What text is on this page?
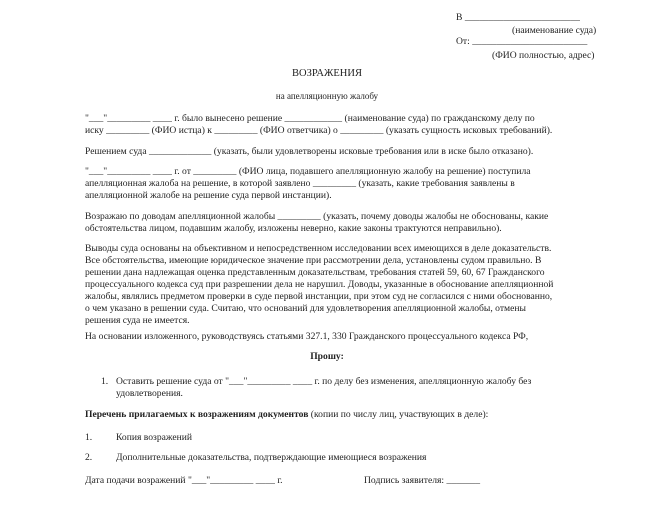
В ________________________
(наименование суда)
От: ________________________
(ФИО полностью, адрес)
ВОЗРАЖЕНИЯ
на апелляционную жалобу
"___"_________ ____ г. было вынесено решение ____________ (наименование суда) по гражданскому делу по
иску _________ (ФИО истца) к _________ (ФИО ответчика) о _________ (указать сущность исковых требований).
Решением суда _____________ (указать, были удовлетворены исковые требования или в иске было отказано).
"___"_________ ____ г. от _________ (ФИО лица, подавшего апелляционную жалобу на решение) поступила
апелляционная жалоба на решение, в которой заявлено _________ (указать, какие требования заявлены в
апелляционной жалобе на решение суда первой инстанции).
Возражаю по доводам апелляционной жалобы _________ (указать, почему доводы жалобы не обоснованы, какие
обстоятельства лицом, подавшим жалобу, изложены неверно, какие законы трактуются неправильно).
Выводы суда основаны на объективном и непосредственном исследовании всех имеющихся в деле доказательств.
Все обстоятельства, имеющие юридическое значение при рассмотрении дела, установлены судом правильно. В
решении дана надлежащая оценка представленным доказательствам, требования статей 59, 60, 67 Гражданского
процессуального кодекса суд при разрешении дела не нарушил. Доводы, указанные в обоснование апелляционной
жалобы, являлись предметом проверки в суде первой инстанции, при этом суд не согласился с ними обоснованно,
о чем указано в решении суда. Считаю, что оснований для удовлетворения апелляционной жалобы, отмены
решения суда не имеется.
На основании изложенного, руководствуясь статьями 327.1, 330 Гражданского процессуального кодекса РФ,
Прошу:
1. Оставить решение суда от "___"_________ ____ г. по делу без изменения, апелляционную жалобу без
удовлетворения.
Перечень прилагаемых к возражениям документов (копии по числу лиц, участвующих в деле):
1. Копия возражений
2. Дополнительные доказательства, подтверждающие имеющиеся возражения
Дата подачи возражений "___"_________ ____ г.	Подпись заявителя: _______
